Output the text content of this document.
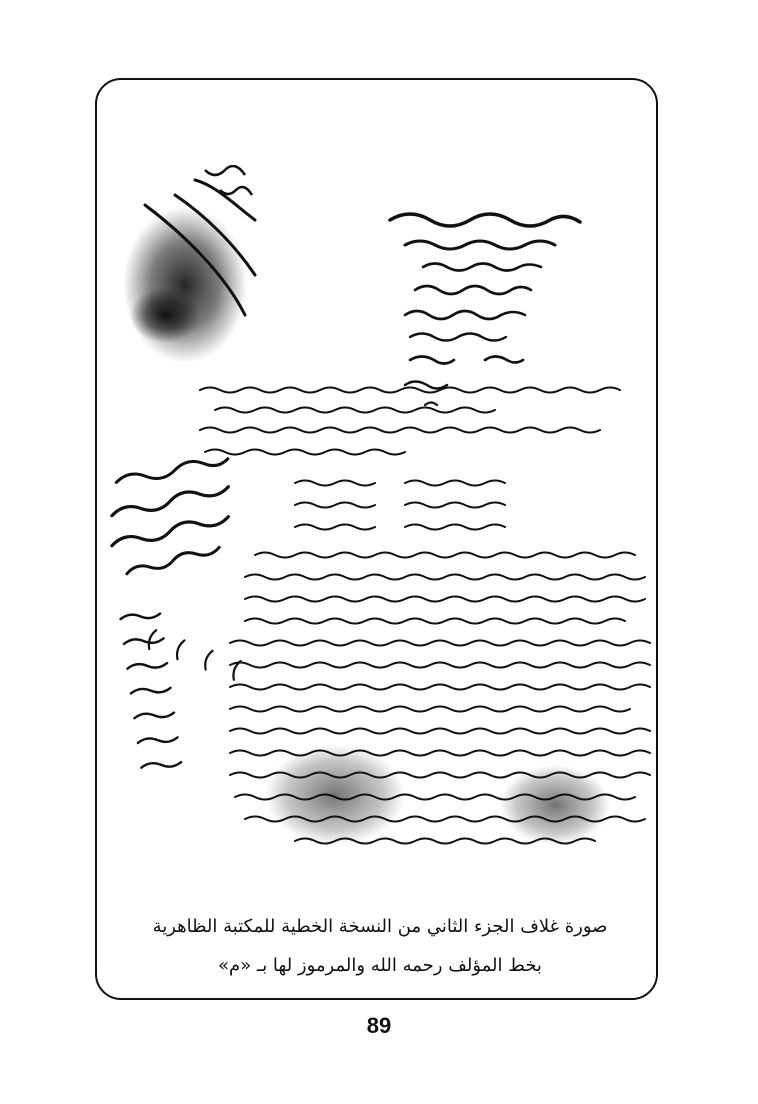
صورة غلاف الجزء الثاني من النسخة الخطية للمكتبة الظاهرية
بخط المؤلف رحمه الله والمرموز لها بـ «م»
89
